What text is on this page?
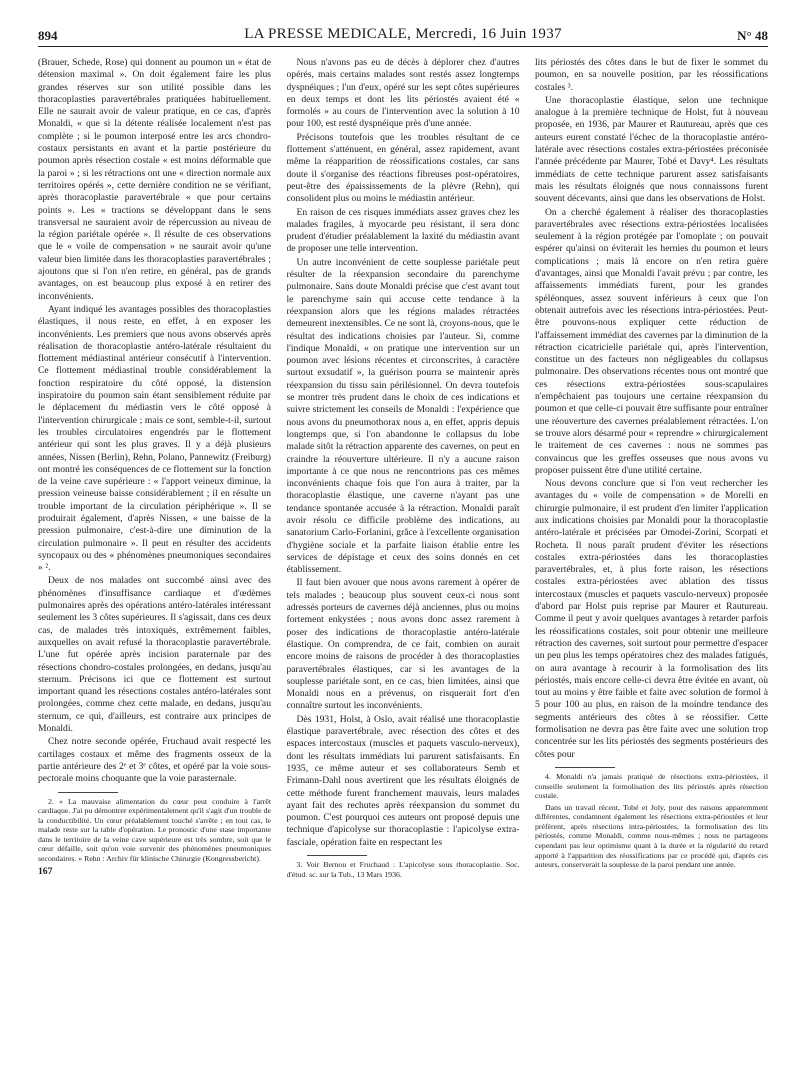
894	LA PRESSE MEDICALE, Mercredi, 16 Juin 1937	N° 48

(Brauer, Schede, Rose) qui donnent au poumon un « état de détension maximal ». On doit également faire les plus grandes réserves sur son utilité possible dans les thoracoplasties paravertébrales pratiquées habituellement. Elle ne saurait avoir de valeur pratique, en ce cas, d'après Monaldi, « que si la détente réalisée localement n'est pas complète ; si le poumon interposé entre les arcs chondro-costaux persistants en avant et la partie postérieure du poumon après résection costale « est moins déformable que la paroi » ; si les rétractions ont une « direction normale aux territoires opérés », cette dernière condition ne se vérifiant, après thoracoplastie paravertébrale « que pour certains points ». Les « tractions se développant dans le sens transversal ne sauraient avoir de répercussion au niveau de la région pariétale opérée ». Il résulte de ces observations que le « voile de compensation » ne saurait avoir qu'une valeur bien limitée dans les thoracoplasties paravertébrales ; ajoutons que si l'on n'en retire, en général, pas de grands avantages, on est beaucoup plus exposé à en retirer des inconvénients.

Ayant indiqué les avantages possibles des thoracoplasties élastiques, il nous reste, en effet, à en exposer les inconvénients. Les premiers que nous avons observés après réalisation de thoracoplastie antéro-latérale résultaient du flottement médiastinal antérieur consécutif à l'intervention. Ce flottement médiastinal trouble considérablement la fonction respiratoire du côté opposé, la distension inspiratoire du poumon sain étant sensiblement réduite par le déplacement du médiastin vers le côté opposé à l'intervention chirurgicale ; mais ce sont, semble-t-il, surtout les troubles circulatoires engendrés par le flottement antérieur qui sont les plus graves. Il y a déjà plusieurs années, Nissen (Berlin), Rehn, Polano, Pannewitz (Freiburg) ont montré les conséquences de ce flottement sur la fonction de la veine cave supérieure : « l'apport veineux diminue, la pression veineuse baisse considérablement ; il en résulte un trouble important de la circulation périphérique ». Il se produirait également, d'après Nissen, « une baisse de la pression pulmonaire, c'est-à-dire une diminution de la circulation pulmonaire ». Il peut en résulter des accidents syncopaux ou des « phénomènes pneumoniques secondaires » ².

Deux de nos malades ont succombé ainsi avec des phénomènes d'insuffisance cardiaque et d'œdèmes pulmonaires après des opérations antéro-latérales intéressant seulement les 3 côtes supérieures. Il s'agissait, dans ces deux cas, de malades très intoxiqués, extrêmement faibles, auxquelles on avait refusé la thoracoplastie paravertébrale. L'une fut opérée après incision paraternale par des résections chondro-costales prolongées, en dedans, jusqu'au sternum. Précisons ici que ce flottement est surtout important quand les résections costales antéro-latérales sont prolongées, comme chez cette malade, en dedans, jusqu'au sternum, ce qui, d'ailleurs, est contraire aux principes de Monaldi.

Chez notre seconde opérée, Fruchaud avait respecté les cartilages costaux et même des fragments osseux de la partie antérieure des 2ᵉ et 3ᵉ côtes, et opéré par la voie sous-pectorale moins choquante que la voie parasternale.

2. « La mauvaise alimentation du cœur peut conduire à l'arrêt cardiaque. J'ai pu démontrer expérimentalement qu'il s'agit d'un trouble de la conductibilité. Un cœur préalablement touché s'arrête ; en tout cas, le malade reste sur la table d'opération. Le pronostic d'une stase importante dans le territoire de la veine cave supérieure est très sombre, soit que le cœur défaille, soit qu'on voie survenir des phénomènes pneumoniques secondaires. » Rehn : Archiv für klinische Chirurgie (Kongressbericht).

167

Nous n'avons pas eu de décès à déplorer chez d'autres opérés, mais certains malades sont restés assez longtemps dyspnéiques ; l'un d'eux, opéré sur les sept côtes supérieures en deux temps et dont les lits périostés avaient été « formolés » au cours de l'intervention avec la solution à 10 pour 100, est resté dyspnéique près d'une année.

Précisons toutefois que les troubles résultant de ce flottement s'atténuent, en général, assez rapidement, avant même la réapparition de réossifications costales, car sans doute il s'organise des réactions fibreuses post-opératoires, peut-être des épaississements de la plèvre (Rehn), qui consolident plus ou moins le médiastin antérieur.

En raison de ces risques immédiats assez graves chez les malades fragiles, à myocarde peu résistant, il sera donc prudent d'étudier préalablement la laxité du médiastin avant de proposer une telle intervention.

Un autre inconvénient de cette souplesse pariétale peut résulter de la réexpansion secondaire du parenchyme pulmonaire. Sans doute Monaldi précise que c'est avant tout le parenchyme sain qui accuse cette tendance à la réexpansion alors que les régions malades rétractées demeurent inextensibles. Ce ne sont là, croyons-nous, que le résultat des indications choisies par l'auteur. Si, comme l'indique Monaldi, « on pratique une intervention sur un poumon avec lésions récentes et circonscrites, à caractère surtout exsudatif », la guérison pourra se maintenir après réexpansion du tissu sain périlésionnel. On devra toutefois se montrer très prudent dans le choix de ces indications et suivre strictement les conseils de Monaldi : l'expérience que nous avons du pneumothorax nous a, en effet, appris depuis longtemps que, si l'on abandonne le collapsus du lobe malade sitôt la rétraction apparente des cavernes, on peut en craindre la réouverture ultérieure. Il n'y a aucune raison importante à ce que nous ne rencontrions pas ces mêmes inconvénients chaque fois que l'on aura à traiter, par la thoracoplastie élastique, une caverne n'ayant pas une tendance spontanée accusée à la rétraction. Monaldi paraît avoir résolu ce difficile problème des indications, au sanatorium Carlo-Forlanini, grâce à l'excellente organisation d'hygiène sociale et la parfaite liaison établie entre les services de dépistage et ceux des soins donnés en cet établissement.

Il faut bien avouer que nous avons rarement à opérer de tels malades ; beaucoup plus souvent ceux-ci nous sont adressés porteurs de cavernes déjà anciennes, plus ou moins fortement enkystées ; nous avons donc assez rarement à poser des indications de thoracoplastie antéro-latérale élastique. On comprendra, de ce fait, combien on aurait encore moins de raisons de procéder à des thoracoplasties paravertébrales élastiques, car si les avantages de la souplesse pariétale sont, en ce cas, bien limitées, ainsi que Monaldi nous en a prévenus, on risquerait fort d'en connaître surtout les inconvénients.

Dès 1931, Holst, à Oslo, avait réalisé une thoracoplastie élastique paravertébrale, avec résection des côtes et des espaces intercostaux (muscles et paquets vasculo-nerveux), dont les résultats immédiats lui parurent satisfaisants. En 1935, ce même auteur et ses collaborateurs Semb et Frimann-Dahl nous avertirent que les résultats éloignés de cette méthode furent franchement mauvais, leurs malades ayant fait des rechutes après réexpansion du sommet du poumon. C'est pourquoi ces auteurs ont proposé depuis une technique d'apicolyse sur thoracoplastie : l'apicolyse extra-fasciale, opération faite en respectant les

3. Voir Bernou et Fruchaud : L'apicolyse sous thoracoplastie. Soc. d'étud. sc. sur la Tub., 13 Mars 1936.

lits périostés des côtes dans le but de fixer le sommet du poumon, en sa nouvelle position, par les réossifications costales ³.

Une thoracoplastie élastique, selon une technique analogue à la première technique de Holst, fut à nouveau proposée, en 1936, par Maurer et Rautureau, après que ces auteurs eurent constaté l'échec de la thoracoplastie antéro-latérale avec résections costales extra-périostées préconisée l'année précédente par Maurer, Tobé et Davy⁴. Les résultats immédiats de cette technique parurent assez satisfaisants mais les résultats éloignés que nous connaissons furent souvent décevants, ainsi que dans les observations de Holst.

On a cherché également à réaliser des thoracoplasties paravertébrales avec résections extra-périostées localisées seulement à la région protégée par l'omoplate ; on pouvait espérer qu'ainsi on éviterait les hernies du poumon et leurs complications ; mais là encore on n'en retira guère d'avantages, ainsi que Monaldi l'avait prévu ; par contre, les affaissements immédiats furent, pour les grandes spéléonques, assez souvent inférieurs à ceux que l'on obtenait autrefois avec les résections intra-périostées. Peut-être pouvons-nous expliquer cette réduction de l'affaissement immédiat des cavernes par la diminution de la rétraction cicatricielle pariétale qui, après l'intervention, constitue un des facteurs non négligeables du collapsus pulmonaire. Des observations récentes nous ont montré que ces résections extra-périostées sous-scapulaires n'empêchaient pas toujours une certaine réexpansion du poumon et que celle-ci pouvait être suffisante pour entraîner une réouverture des cavernes préalablement rétractées. L'on se trouve alors désarmé pour « reprendre » chirurgicalement le traitement de ces cavernes : nous ne sommes pas convaincus que les greffes osseuses que nous avons vu proposer puissent être d'une utilité certaine.

Nous devons conclure que si l'on veut rechercher les avantages du « voile de compensation » de Morelli en chirurgie pulmonaire, il est prudent d'en limiter l'application aux indications choisies par Monaldi pour la thoracoplastie antéro-latérale et précisées par Omodei-Zorini, Scorpati et Rocheta. Il nous paraît prudent d'éviter les résections costales extra-périostées dans les thoracoplasties paravertébrales, et, à plus forte raison, les résections costales extra-périostées avec ablation des tissus intercostaux (muscles et paquets vasculo-nerveux) proposée d'abord par Holst puis reprise par Maurer et Rautureau. Comme il peut y avoir quelques avantages à retarder parfois les réossifications costales, soit pour obtenir une meilleure rétraction des cavernes, soit surtout pour permettre d'espacer un peu plus les temps opératoires chez des malades fatigués, on aura avantage à recourir à la formolisation des lits périostés, mais encore celle-ci devra être évitée en avant, où tout au moins y être faible et faite avec solution de formol à 5 pour 100 au plus, en raison de la moindre tendance des segments antérieurs des côtes à se réossifier. Cette formolisation ne devra pas être faite avec une solution trop concentrée sur les lits périostés des segments postérieurs des côtes pour

4. Monaldi n'a jamais pratiqué de résections extra-périostées, il conseille seulement la formolisation des lits périostés après résection costale.

Dans un travail récent, Tobé et Joly, pour des raisons apparemment différentes, condamnent également les résections extra-périostées et leur préfèrent, après résections intra-périostées, la formolisation des lits périostés, comme Monaldi, comme nous-mêmes ; nous ne partageons cependant pas leur optimisme quant à la durée et la régularité du retard apporté à l'apparition des réossifications par ce procédé qui, d'après ces auteurs, conserverait la souplesse de la paroi pendant une année.
